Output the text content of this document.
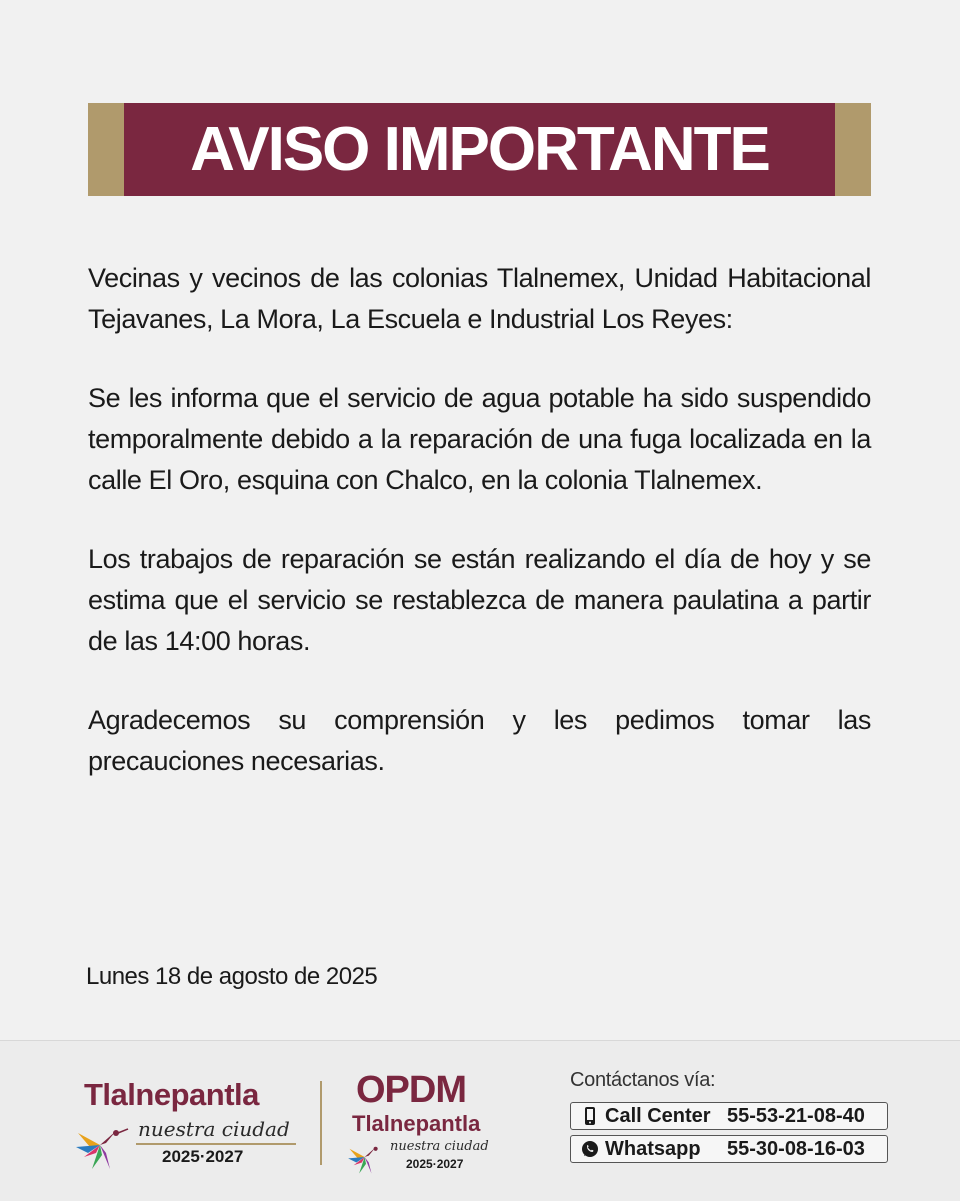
AVISO IMPORTANTE

Vecinas y vecinos de las colonias Tlalnemex, Unidad Habitacional Tejavanes, La Mora, La Escuela e Industrial Los Reyes:

Se les informa que el servicio de agua potable ha sido suspendido temporalmente debido a la reparación de una fuga localizada en la calle El Oro, esquina con Chalco, en la colonia Tlalnemex.

Los trabajos de reparación se están realizando el día de hoy y se estima que el servicio se restablezca de manera paulatina a partir de las 14:00 horas.

Agradecemos su comprensión y les pedimos tomar las precauciones necesarias.

Lunes 18 de agosto de 2025
Tlalnepantla
nuestra ciudad
2025·2027
OPDM
Tlalnepantla
nuestra ciudad
2025·2027
Contáctanos vía:
Call Center 55-53-21-08-40
Whatsapp	55-30-08-16-03
